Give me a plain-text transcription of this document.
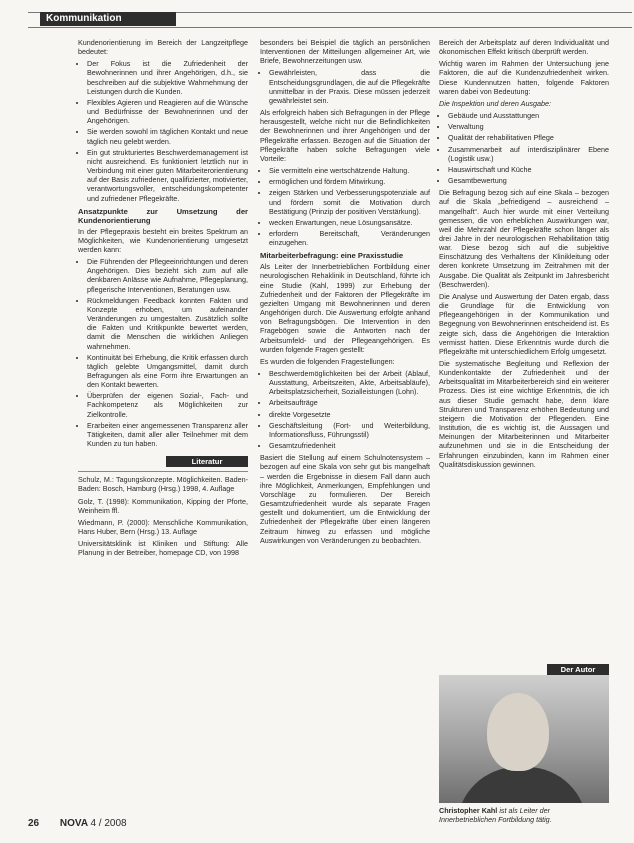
Kommunikation

Kundenorientierung im Bereich der Langzeitpflege bedeutet:

• Der Fokus ist die Zufriedenheit der Bewohnerinnen und ihrer Angehörigen, d.h., sie beschreiben auf die subjektive Wahrnehmung der Leistungen durch die Kunden.
• Flexibles Agieren und Reagieren auf die Wünsche und Bedürfnisse der Bewohnerinnen und der Angehörigen.
• Sie werden sowohl im täglichen Kontakt und neue täglich neu gelebt werden.
• Ein gut strukturiertes Beschwerdemanagement ist nicht ausreichend. Es funktioniert letztlich nur in Verbindung mit einer guten Mitarbeiterorientierung auf der Basis zufriedener, qualifizierter, motivierter, verantwortungsvoller, entscheidungskompetenter und zufriedener Pflegekräfte.
Ansatzpunkte zur Umsetzung der Kundenorientierung

In der Pflegepraxis besteht ein breites Spektrum an Möglichkeiten, wie Kundenorientierung umgesetzt werden kann:

• Die Führenden der Pflegeeinrichtungen und deren Angehörigen. Dies bezieht sich zum auf alle denkbaren Anlässe wie Aufnahme, Pflegeplanung, pflegerische Interventionen, Beratungen usw.
• Rückmeldungen Feedback konnten Fakten und Konzepte erhoben, um aufeinander Veränderungen zu umgestalten. Zusätzlich sollte die Fakten und Kritikpunkte bewertet werden, damit die Menschen die wirklichen Anliegen wahrnehmen.
• Kontinuität bei Erhebung, die Kritik erfassen durch täglich gelebte Umgangsmittel, damit durch Befragungen als eine Form ihre Erwartungen an den Kontakt bewerten.
• Überprüfen der eigenen Sozial-, Fach- und Fachkompetenz als Möglichkeiten zur Zielkontrolle.
• Erarbeiten einer angemessenen Transparenz aller Tätigkeiten, damit aller aller Teilnehmer mit dem Kunden zu tun haben.
Literatur

Schulz, M.: Tagungskonzepte. Möglichkeiten. Baden-Baden: Bosch, Hamburg (Hrsg.) 1998, 4. Auflage

Golz, T. (1998): Kommunikation, Kipping der Pforte, Weinheim ffl.

Wiedmann, P. (2000): Menschliche Kommunikation, Hans Huber, Bern (Hrsg.) 13. Auflage

Universitätsklinik ist Kliniken und Stiftung: Alle Planung in der Betreiber, homepage CD, von 1998

besonders bei Beispiel die täglich an persönlichen Interventionen der Mitteilungen allgemeiner Art, wie Briefe, Bewohnerzeitungen usw.

• Gewährleisten, dass die Entscheidungsgrundlagen, die auf die Pflegekräfte unmittelbar in der Praxis. Diese müssen jederzeit gewährleistet sein.

Als erfolgreich haben sich Befragungen in der Pflege herausgestellt, welche nicht nur die Befindlichkeiten der Bewohnerinnen und ihrer Angehörigen und der Pflegekräfte erfassen. Bezogen auf die Situation der Pflegekräfte haben solche Befragungen viele Vorteile:

• Sie vermitteln eine wertschätzende Haltung.
• ermöglichen und fördern Mitwirkung.
• zeigen Stärken und Verbesserungspotenziale auf und fördern somit die Motivation durch Bestätigung (Prinzip der positiven Verstärkung).
• wecken Erwartungen, neue Lösungsansätze.
• erfordern Bereitschaft, Veränderungen einzugehen.
Mitarbeiterbefragung: eine Praxisstudie

Als Leiter der Innerbetrieblichen Fortbildung einer neurologischen Rehaklinik in Deutschland, führte ich eine Studie (Kahl, 1999) zur Erhebung der Zufriedenheit und der Faktoren der Pflegekräfte im gezielten Umgang mit Bewohnerinnen und deren Angehörigen durch. Die Auswertung erfolgte anhand von Befragungsbögen. Die Intervention in den Fragebögen sowie die Antworten nach der Arbeitsumfeld- und der Pflegeangehörigen. Es wurden folgende Fragen gestellt:

Es wurden die folgenden Fragestellungen:

• Beschwerdemöglichkeiten bei der Arbeit (Ablauf, Ausstattung, Arbeitszeiten, Akte, Arbeitsabläufe), Arbeitsplatzsicherheit, Sozialleistungen (Lohn).
• Arbeitsaufträge
• direkte Vorgesetzte
• Geschäftsleitung (Fort- und Weiterbildung, Informationsfluss, Führungsstil)
• Gesamtzufriedenheit

Basiert die Stellung auf einem Schulnotensystem – bezogen auf eine Skala von sehr gut bis mangelhaft – werden die Ergebnisse in diesem Fall dann auch ihre Möglichkeit, Anmerkungen, Empfehlungen und Vorschläge zu formulieren. Der Bereich Gesamtzufriedenheit wurde als separate Fragen gestellt und dokumentiert, um die Entwicklung der Zufriedenheit der Pflegekräfte über einen längeren Zeitraum hinweg zu erfassen und mögliche Auswirkungen von Veränderungen zu beobachten.

Bereich der Arbeitsplatz auf deren Individualität und ökonomischen Effekt kritisch überprüft werden.

Wichtig waren im Rahmen der Untersuchung jene Faktoren, die auf die Kundenzufriedenheit wirken. Diese Kundennutzen hatten, folgende Faktoren waren dabei von Bedeutung:

Die Inspektion und deren Ausgabe:

• Gebäude und Ausstattungen
• Verwaltung
• Qualität der rehabilitativen Pflege
• Zusammenarbeit auf interdisziplinärer Ebene (Logistik usw.)
• Hauswirtschaft und Küche
• Gesamtbewertung

Die Befragung bezog sich auf eine Skala – bezogen auf die Skala „befriedigend – ausreichend – mangelhaft“. Auch hier wurde mit einer Verteilung gemessen, die von erheblichen Auswirkungen war, weil die Mehrzahl der Pflegekräfte schon länger als drei Jahre in der neurologischen Rehabilitation tätig war. Diese bezog sich auf die subjektive Einschätzung des Verhaltens der Klinikleitung oder deren konkrete Umsetzung im Zeitrahmen mit der Ausgabe. Die Qualität als Zeitpunkt im Jahresbericht (Beschwerden).

Die Analyse und Auswertung der Daten ergab, dass die Grundlage für die Entwicklung von Pflegeangehörigen in der Kommunikation und Begegnung von Bewohnerinnen entscheidend ist. Es zeigte sich, dass die Angehörigen die Interaktion vermisst hatten. Diese Erkenntnis wurde durch die Pflegekräfte mit unterschiedlichem Erfolg umgesetzt.

Die systematische Begleitung und Reflexion der Kundenkontakte der Zufriedenheit und der Arbeitsqualität im Mitarbeiterbereich sind ein weiterer Prozess. Dies ist eine wichtige Erkenntnis, die ich aus dieser Studie gemacht habe, denn klare Strukturen und Transparenz erhöhen Bedeutung und steigern die Motivation der Pflegenden. Eine Institution, die es wichtig ist, die Aussagen und Meinungen der Mitarbeiterinnen und Mitarbeiter aufzunehmen und sie in die Entscheidung der Erfahrungen einzubinden, kann im Rahmen einer Qualitätsdiskussion gewinnen.

Der Autor
Christopher Kahl ist als Leiter der Innerbetrieblichen Fortbildung tätig.
26 NOVA 4 / 2008
